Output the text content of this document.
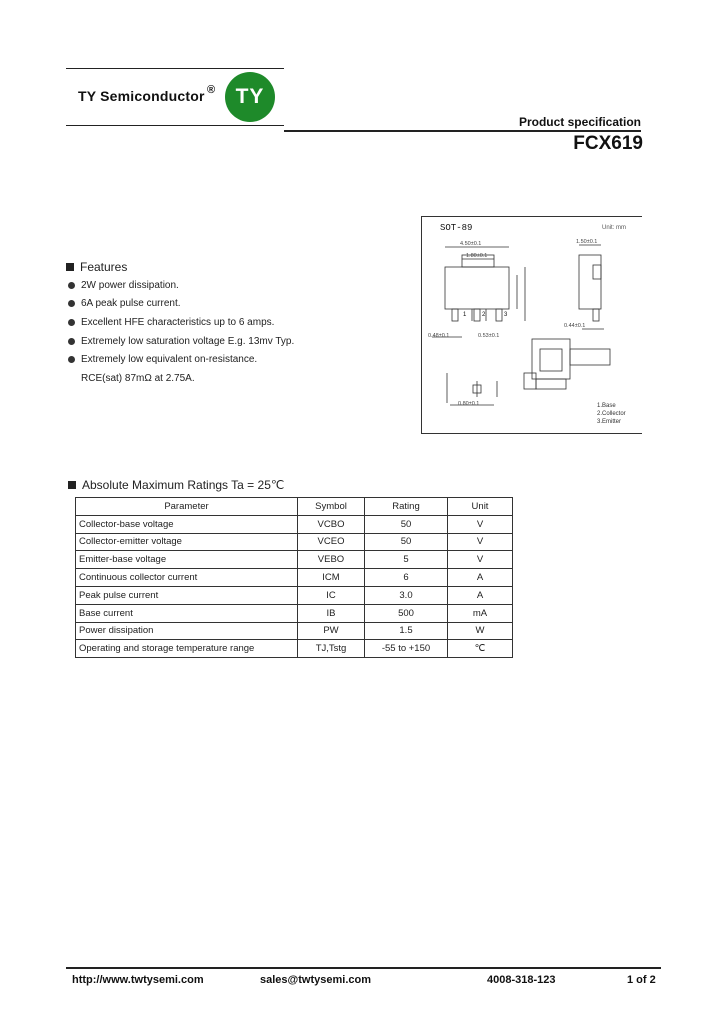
TY Semiconductor ® TY
Product specification
FCX619
SOT-89	Unit: mm
4.50±0.1
1.80±0.1
1.50±0.1
0.48±0.1	0.53±0.1
0.44±0.1
0.80±0.1
1	2	3
1.Base
2.Collector
3.Emitter
Features
2W power dissipation.
6A peak pulse current.
Excellent HFE characteristics up to 6 amps.
Extremely low saturation voltage E.g. 13mv Typ.
Extremely low equivalent on-resistance.
RCE(sat) 87mΩ at 2.75A.
Absolute Maximum Ratings Ta = 25℃
Parameter	Symbol	Rating	Unit
Collector-base voltage	VCBO	50	V
Collector-emitter voltage	VCEO	50	V
Emitter-base voltage	VEBO	5	V
Continuous collector current	ICM	6	A
Peak pulse current	IC	3.0	A
Base current	IB	500	mA
Power dissipation	PW	1.5	W
Operating and storage temperature range	TJ,Tstg	-55 to +150	℃
http://www.twtysemi.com	sales@twtysemi.com	4008-318-123	1 of 2
